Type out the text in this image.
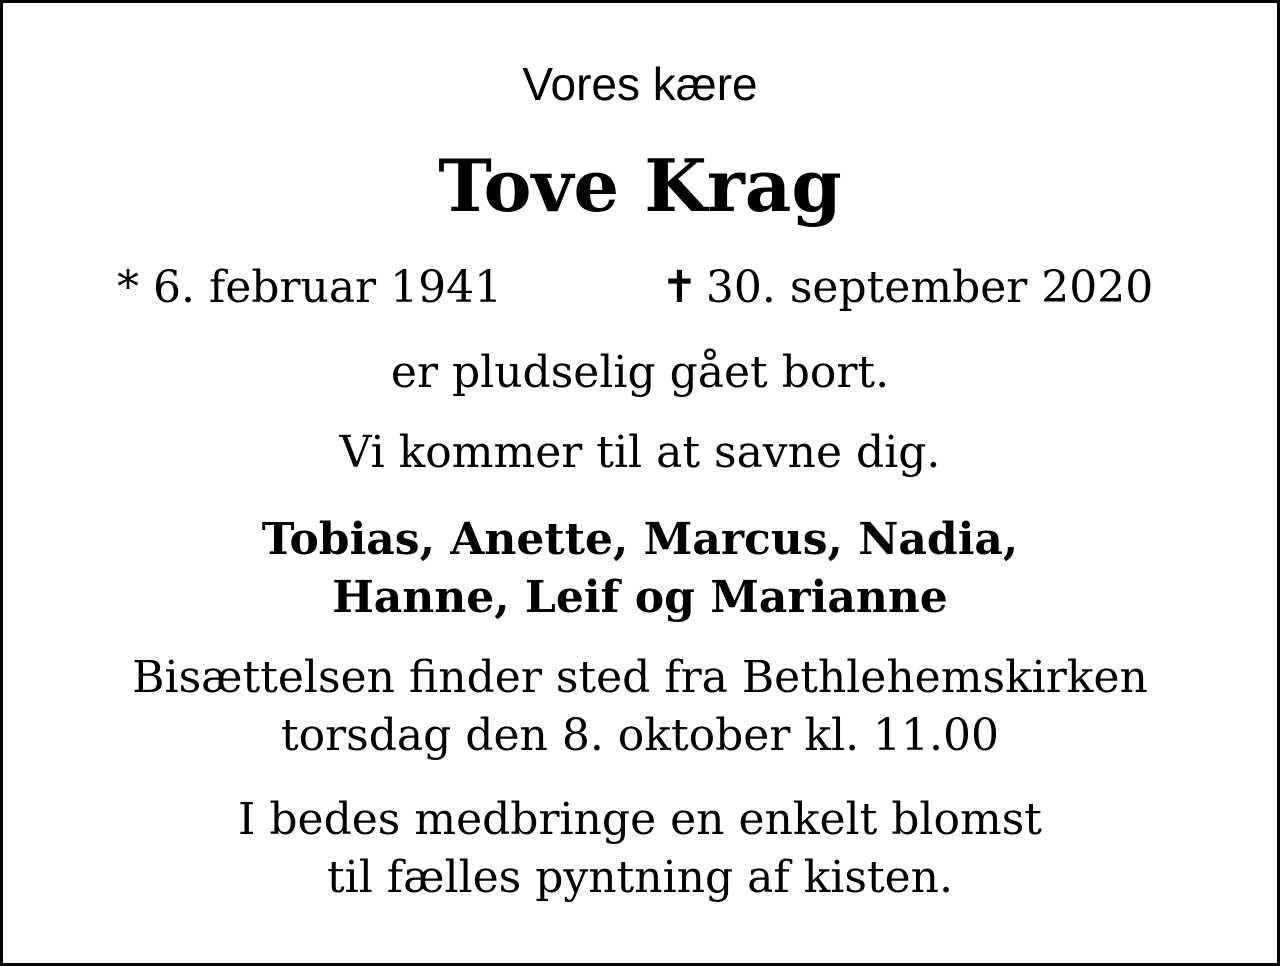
Vores kære
Tove Krag
* 6. februar 1941	✝ 30. september 2020
er pludselig gået bort.
Vi kommer til at savne dig.
Tobias, Anette, Marcus, Nadia,
Hanne, Leif og Marianne
Bisættelsen finder sted fra Bethlehemskirken
torsdag den 8. oktober kl. 11.00
I bedes medbringe en enkelt blomst
til fælles pyntning af kisten.
